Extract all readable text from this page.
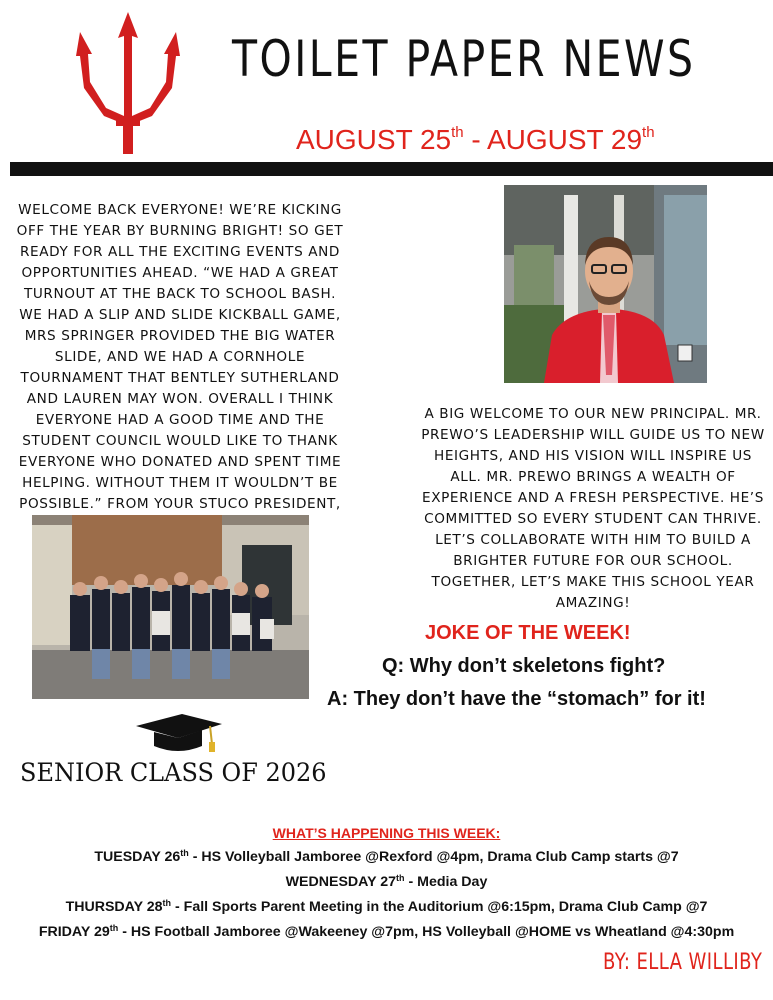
TOILET PAPER NEWS
AUGUST 25th - AUGUST 29th
WELCOME BACK EVERYONE! WE’RE KICKING OFF THE YEAR BY BURNING BRIGHT! SO GET READY FOR ALL THE EXCITING EVENTS AND OPPORTUNITIES AHEAD. “WE HAD A GREAT TURNOUT AT THE BACK TO SCHOOL BASH. WE HAD A SLIP AND SLIDE KICKBALL GAME, MRS SPRINGER PROVIDED THE BIG WATER SLIDE, AND WE HAD A CORNHOLE TOURNAMENT THAT BENTLEY SUTHERLAND AND LAUREN MAY WON. OVERALL I THINK EVERYONE HAD A GOOD TIME AND THE STUDENT COUNCIL WOULD LIKE TO THANK EVERYONE WHO DONATED AND SPENT TIME HELPING. WITHOUT THEM IT WOULDN’T BE POSSIBLE.” FROM YOUR STUCO PRESIDENT,
A BIG WELCOME TO OUR NEW PRINCIPAL. MR. PREWO’S LEADERSHIP WILL GUIDE US TO NEW HEIGHTS, AND HIS VISION WILL INSPIRE US ALL. MR. PREWO BRINGS A WEALTH OF EXPERIENCE AND A FRESH PERSPECTIVE. HE’S COMMITTED SO EVERY STUDENT CAN THRIVE. LET’S COLLABORATE WITH HIM TO BUILD A BRIGHTER FUTURE FOR OUR SCHOOL. TOGETHER, LET’S MAKE THIS SCHOOL YEAR AMAZING!
SENIOR CLASS OF 2026
JOKE OF THE WEEK!
Q: Why don’t skeletons fight?
A: They don’t have the “stomach” for it!
WHAT’S HAPPENING THIS WEEK:
TUESDAY 26th - HS Volleyball Jamboree @Rexford @4pm, Drama Club Camp starts @7
WEDNESDAY 27th - Media Day
THURSDAY 28th - Fall Sports Parent Meeting in the Auditorium @6:15pm, Drama Club Camp @7
FRIDAY 29th - HS Football Jamboree @Wakeeney @7pm, HS Volleyball @HOME vs Wheatland @4:30pm
BY: ELLA WILLIBY
